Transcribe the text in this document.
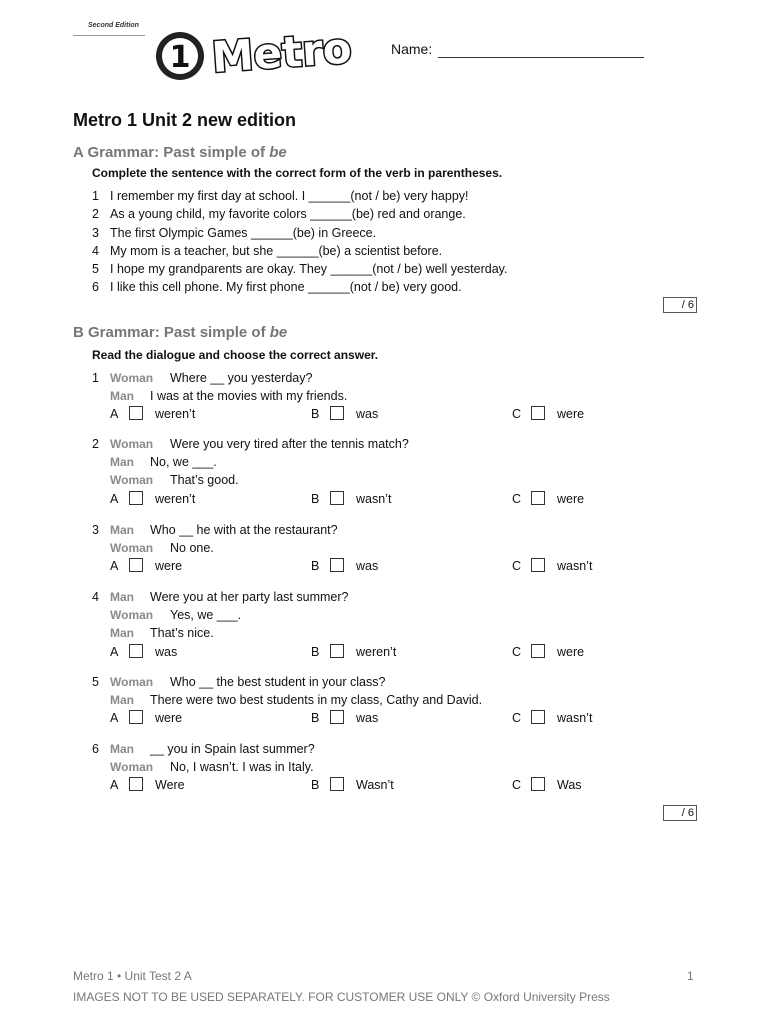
Second Edition
1 Metro	Name:
Metro 1 Unit 2 new edition
A Grammar: Past simple of be

Complete the sentence with the correct form of the verb in parentheses.

1 I remember my first day at school. I ______(not / be) very happy!
2 As a young child, my favorite colors ______(be) red and orange.
3 The first Olympic Games ______(be) in Greece.
4 My mom is a teacher, but she ______(be) a scientist before.
5 I hope my grandparents are okay. They ______(not / be) well yesterday.
6 I like this cell phone. My first phone ______(not / be) very good.
/ 6
B Grammar: Past simple of be

Read the dialogue and choose the correct answer.

1 Woman Where __ you yesterday?
Man I was at the movies with my friends.
A	weren’t	B	was	C	were
2 Woman Were you very tired after the tennis match?
Man No, we ___.
Woman That’s good.
A	weren’t	B	wasn’t	C	were
3 Man Who __ he with at the restaurant?
Woman No one.
A	were	B	was	C	wasn’t
4 Man Were you at her party last summer?
Woman Yes, we ___.
Man That’s nice.
A	was	B	weren’t	C	were
5 Woman Who __ the best student in your class?
Man There were two best students in my class, Cathy and David.
A	were	B	was	C	wasn’t
6 Man __ you in Spain last summer?
Woman No, I wasn’t. I was in Italy.
A	Were	B	Wasn’t	C	Was
/ 6
Metro 1 • Unit Test 2 A	1
IMAGES NOT TO BE USED SEPARATELY. FOR CUSTOMER USE ONLY © Oxford University Press
